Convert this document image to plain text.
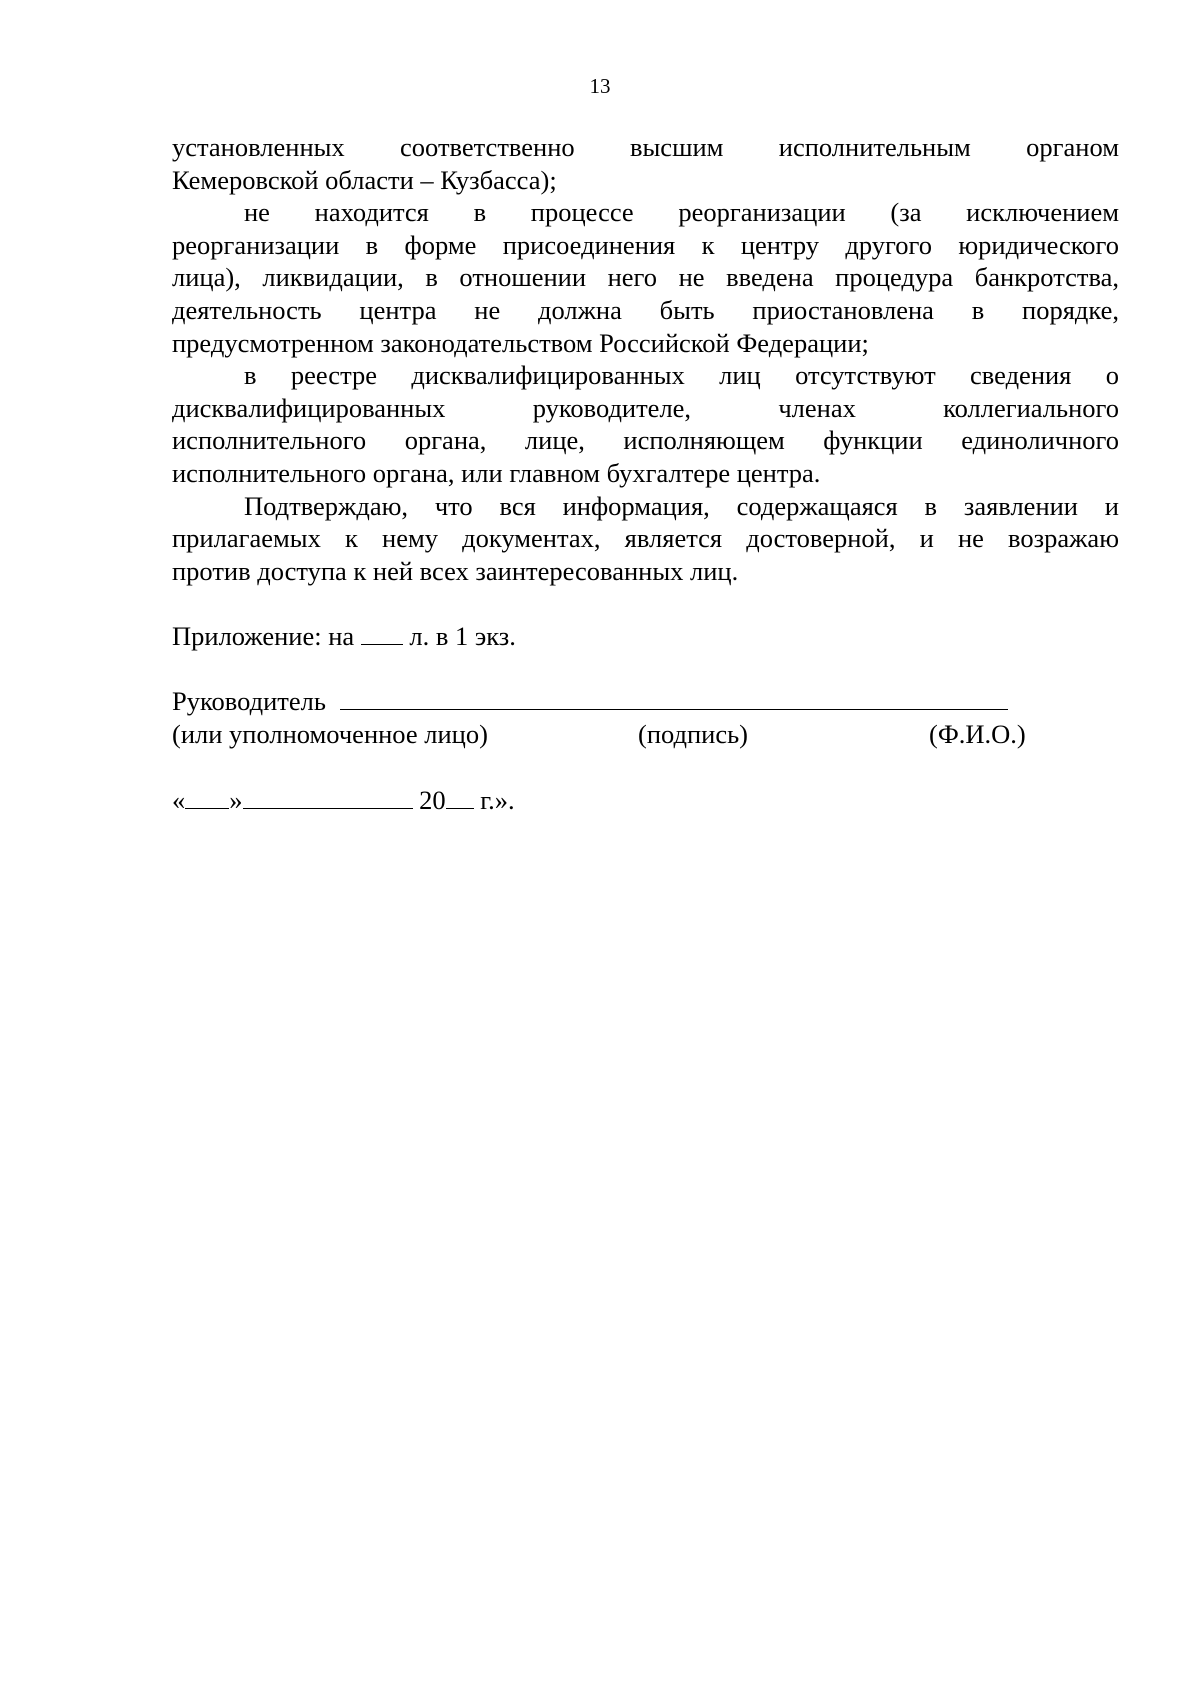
13

установленных соответственно высшим исполнительным органом
Кемеровской области – Кузбасса);

не находится в процессе реорганизации (за исключением
реорганизации в форме присоединения к центру другого юридического
лица), ликвидации, в отношении него не введена процедура банкротства,
деятельность центра не должна быть приостановлена в порядке,
предусмотренном законодательством Российской Федерации;

в реестре дисквалифицированных лиц отсутствуют сведения о
дисквалифицированных руководителе, членах коллегиального
исполнительного органа, лице, исполняющем функции единоличного
исполнительного органа, или главном бухгалтере центра.

Подтверждаю, что вся информация, содержащаяся в заявлении и
прилагаемых к нему документах, является достоверной, и не возражаю
против доступа к ней всех заинтересованных лиц.

Приложение: на л. в 1 экз.
Руководитель
(или уполномоченное лицо)	(подпись)	(Ф.И.О.)
« »	20 г.».
